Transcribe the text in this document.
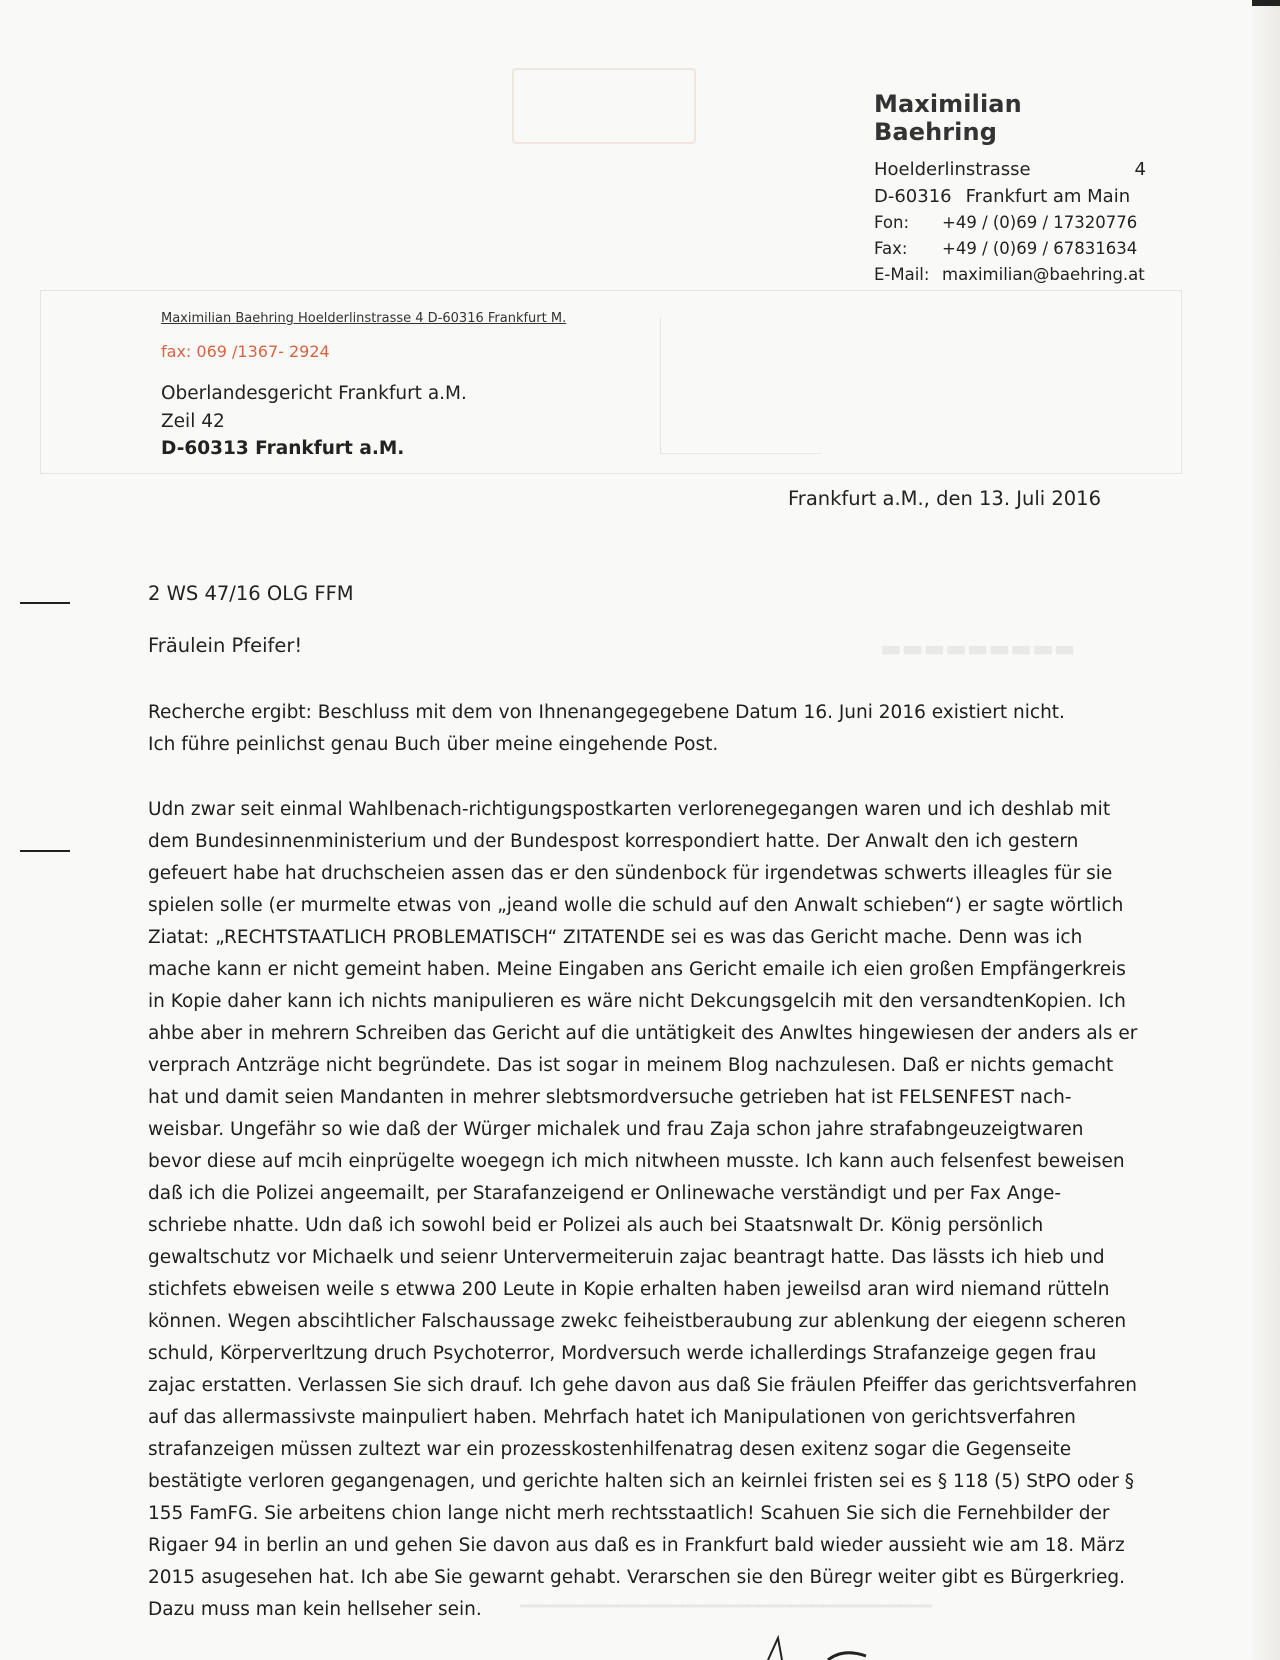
▬▬▬▬▬▬▬▬▬
Maximilian Baehring
Hoelderlinstrasse	4
D-60316 Frankfurt am Main
Fon:	+49 / (0)69 / 17320776
Fax:	+49 / (0)69 / 67831634
E-Mail: maximilian@baehring.at
Maximilian Baehring Hoelderlinstrasse 4 D-60316 Frankfurt M.
fax: 069 /1367- 2924
Oberlandesgericht Frankfurt a.M.
Zeil 42
D-60313 Frankfurt a.M.
Frankfurt a.M., den 13. Juli 2016
2 WS 47/16 OLG FFM
Fräulein Pfeifer!
Recherche ergibt: Beschluss mit dem von Ihnenangegegebene Datum 16. Juni 2016 existiert nicht.
Ich führe peinlichst genau Buch über meine eingehende Post.
Udn zwar seit einmal Wahlbenach-richtigungspostkarten verlorenegegangen waren und ich deshlab mit
dem Bundesinnenministerium und der Bundespost korrespondiert hatte. Der Anwalt den ich gestern
gefeuert habe hat druchscheien assen das er den sündenbock für irgendetwas schwerts illeagles für sie
spielen solle (er murmelte etwas von „jeand wolle die schuld auf den Anwalt schieben“) er sagte wörtlich
Ziatat: „RECHTSTAATLICH PROBLEMATISCH“ ZITATENDE sei es was das Gericht mache. Denn was ich
mache kann er nicht gemeint haben. Meine Eingaben ans Gericht emaile ich eien großen Empfängerkreis
in Kopie daher kann ich nichts manipulieren es wäre nicht Dekcungsgelcih mit den versandtenKopien. Ich
ahbe aber in mehrern Schreiben das Gericht auf die untätigkeit des Anwltes hingewiesen der anders als er
verprach Antzräge nicht begründete. Das ist sogar in meinem Blog nachzulesen. Daß er nichts gemacht
hat und damit seien Mandanten in mehrer slebtsmordversuche getrieben hat ist FELSENFEST nach-
weisbar. Ungefähr so wie daß der Würger michalek und frau Zaja schon jahre strafabngeuzeigtwaren
bevor diese auf mcih einprügelte woegegn ich mich nitwheen musste. Ich kann auch felsenfest beweisen
daß ich die Polizei angeemailt, per Starafanzeigend er Onlinewache verständigt und per Fax Ange-
schriebe nhatte. Udn daß ich sowohl beid er Polizei als auch bei Staatsnwalt Dr. König persönlich
gewaltschutz vor Michaelk und seienr Untervermeiteruin zajac beantragt hatte. Das lässts ich hieb und
stichfets ebweisen weile s etwwa 200 Leute in Kopie erhalten haben jeweilsd aran wird niemand rütteln
können. Wegen abscihtlicher Falschaussage zwekc feiheistberaubung zur ablenkung der eiegenn scheren
schuld, Körperverltzung druch Psychoterror, Mordversuch werde ichallerdings Strafanzeige gegen frau
zajac erstatten. Verlassen Sie sich drauf. Ich gehe davon aus daß Sie fräulen Pfeiffer das gerichtsverfahren
auf das allermassivste mainpuliert haben. Mehrfach hatet ich Manipulationen von gerichtsverfahren
strafanzeigen müssen zultezt war ein prozesskostenhilfenatrag desen exitenz sogar die Gegenseite
bestätigte verloren gegangenagen, und gerichte halten sich an keirnlei fristen sei es § 118 (5) StPO oder §
155 FamFG. Sie arbeitens chion lange nicht merh rechtsstaatlich! Scahuen Sie sich die Fernehbilder der
Rigaer 94 in berlin an und gehen Sie davon aus daß es in Frankfurt bald wieder aussieht wie am 18. März
2015 asugesehen hat. Ich abe Sie gewarnt gehabt. Verarschen sie den Büregr weiter gibt es Bürgerkrieg.
Dazu muss man kein hellseher sein.	━━━━━━━━━━━━━━━━━━━━━━━━━━━━━━━━━━━━━━
